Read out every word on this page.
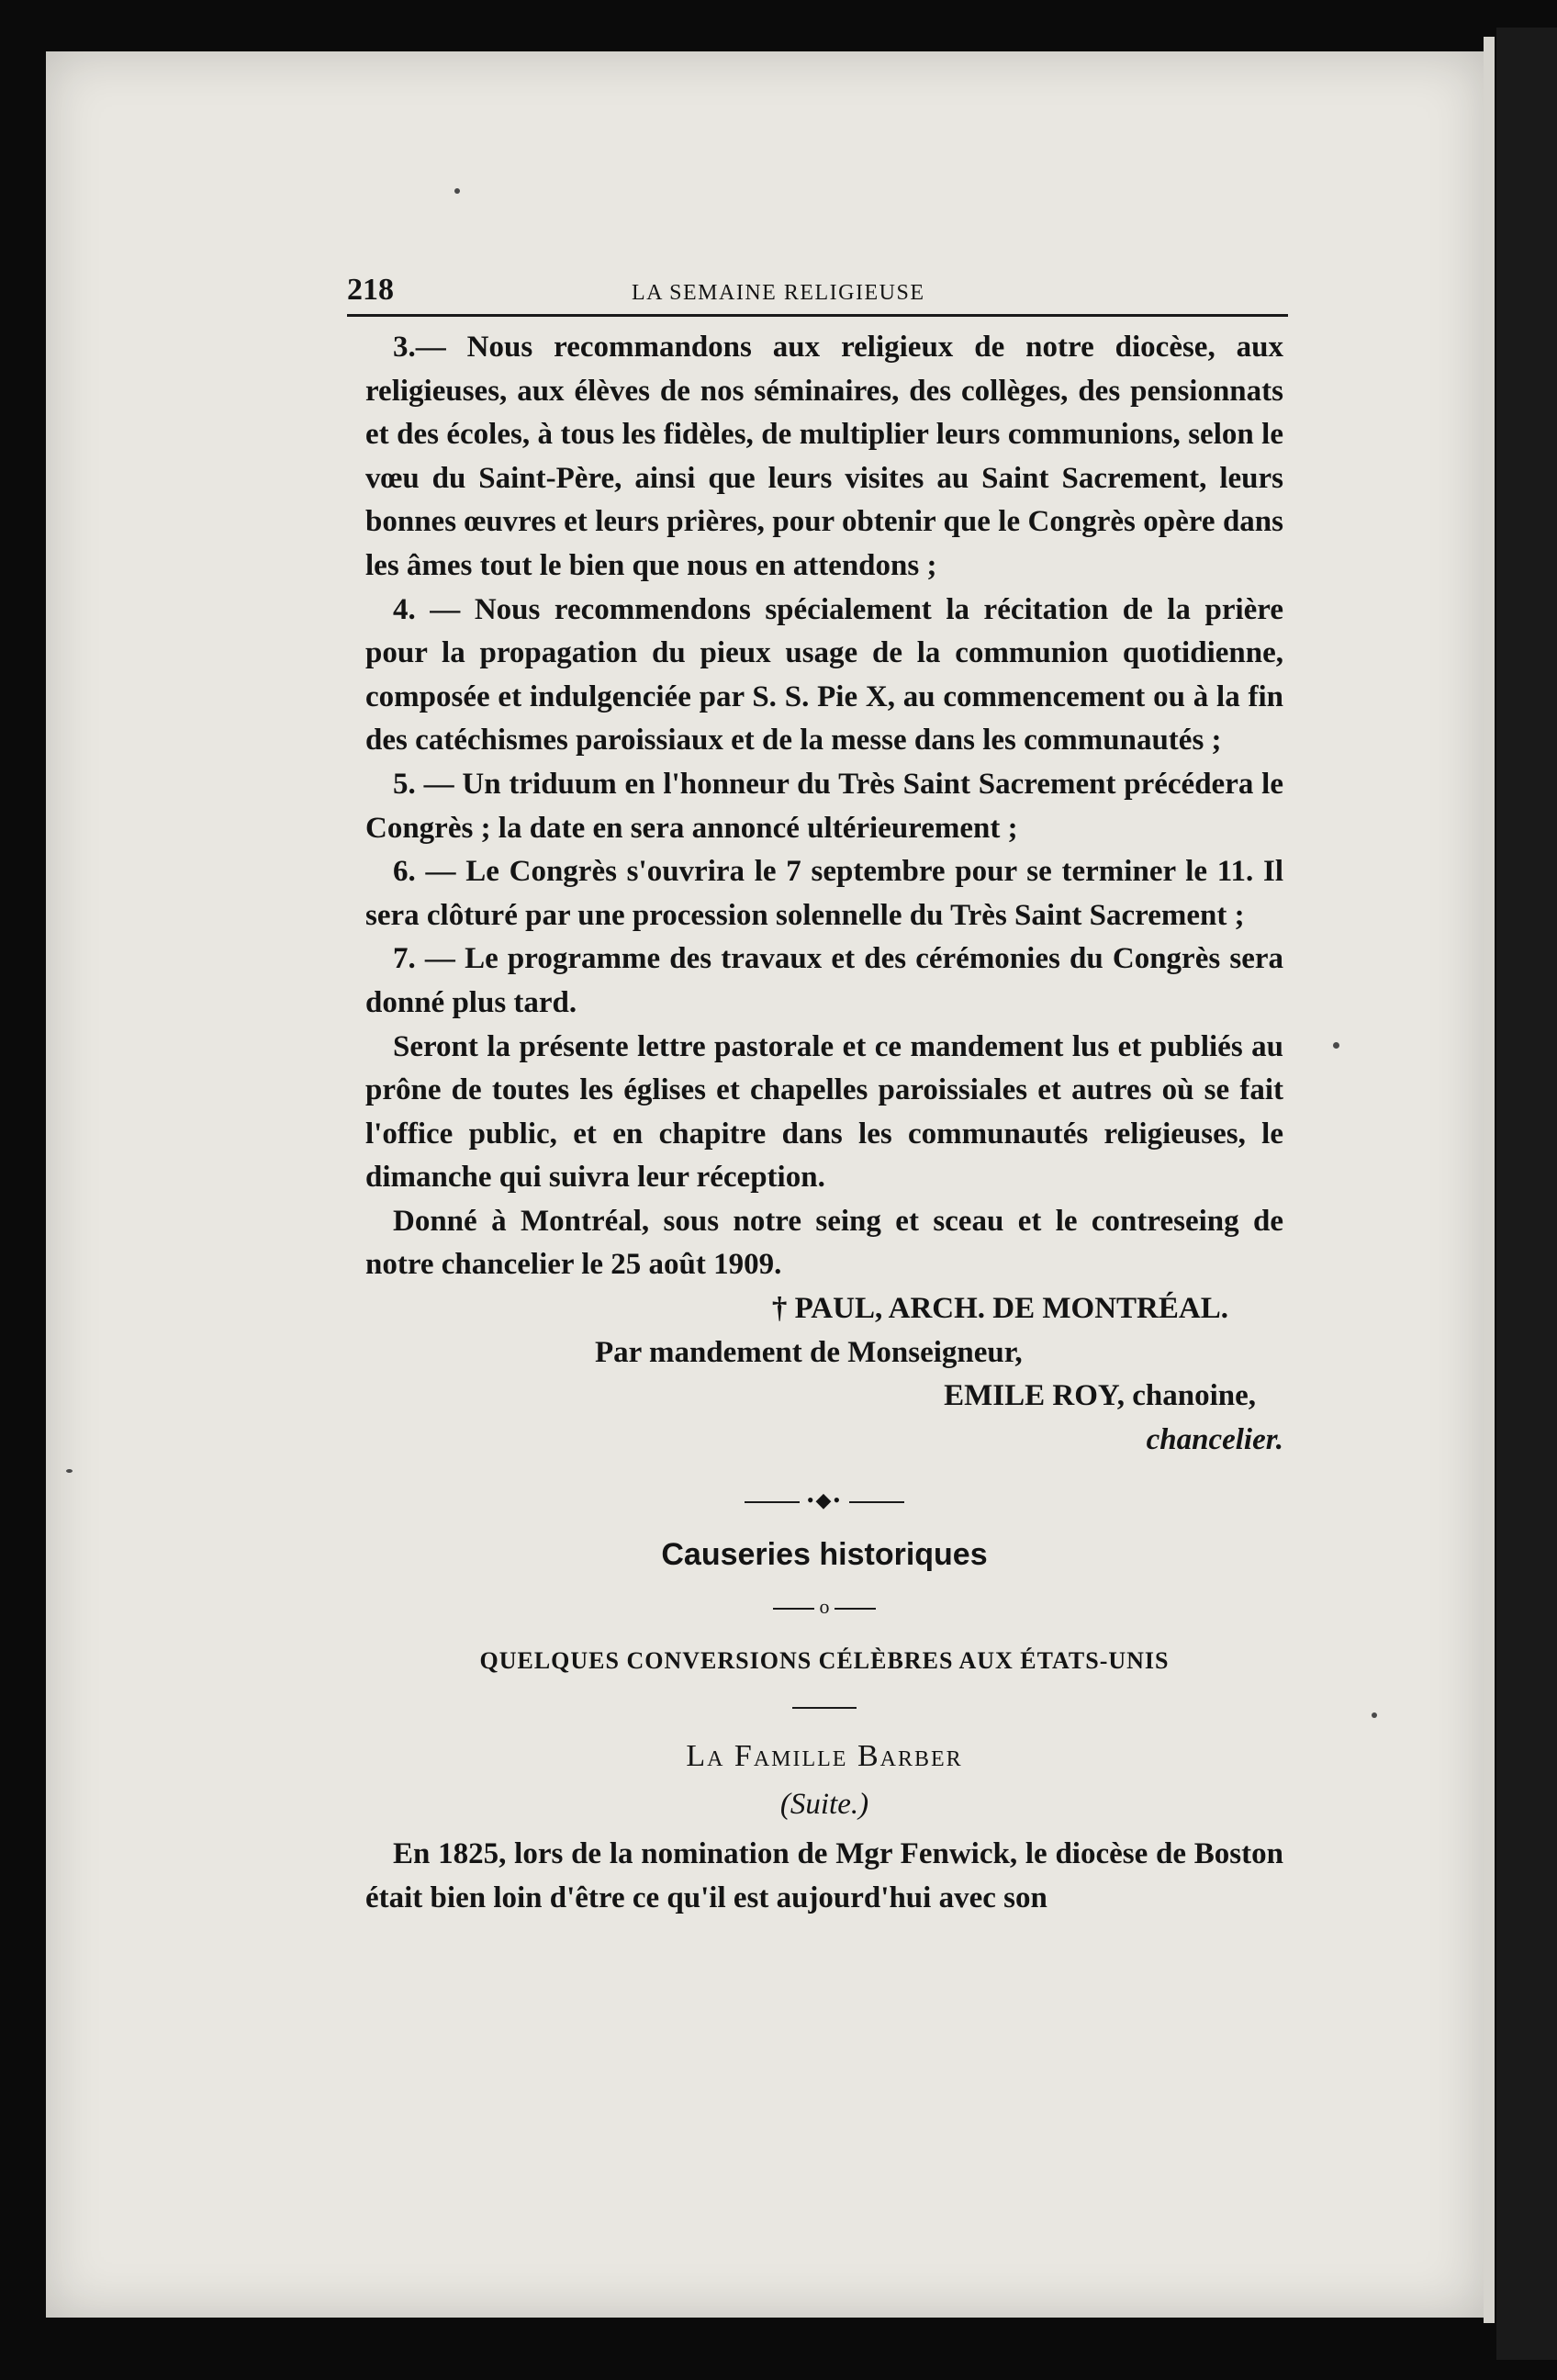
218	LA SEMAINE RELIGIEUSE

3.— Nous recommandons aux religieux de notre diocèse, aux religieuses, aux élèves de nos séminaires, des collèges, des pensionnats et des écoles, à tous les fidèles, de multiplier leurs communions, selon le vœu du Saint-Père, ainsi que leurs visites au Saint Sacrement, leurs bonnes œuvres et leurs prières, pour obtenir que le Congrès opère dans les âmes tout le bien que nous en attendons ;

4. — Nous recommendons spécialement la récitation de la prière pour la propagation du pieux usage de la communion quotidienne, composée et indulgenciée par S. S. Pie X, au commencement ou à la fin des catéchismes paroissiaux et de la messe dans les communautés ;

5. — Un triduum en l'honneur du Très Saint Sacrement précédera le Congrès ; la date en sera annoncé ultérieurement ;

6. — Le Congrès s'ouvrira le 7 septembre pour se terminer le 11. Il sera clôturé par une procession solennelle du Très Saint Sacrement ;

7. — Le programme des travaux et des cérémonies du Congrès sera donné plus tard.

Seront la présente lettre pastorale et ce mandement lus et publiés au prône de toutes les églises et chapelles paroissiales et autres où se fait l'office public, et en chapitre dans les communautés religieuses, le dimanche qui suivra leur réception.

Donné à Montréal, sous notre seing et sceau et le contreseing de notre chancelier le 25 août 1909.

† PAUL, ARCH. DE MONTRÉAL.
Par mandement de Monseigneur,
EMILE ROY, chanoine,
chancelier.
•◆•
Causeries historiques
o
QUELQUES CONVERSIONS CÉLÈBRES AUX ÉTATS-UNIS
La Famille Barber
(Suite.)

En 1825, lors de la nomination de Mgr Fenwick, le diocèse de Boston était bien loin d'être ce qu'il est aujourd'hui avec son
